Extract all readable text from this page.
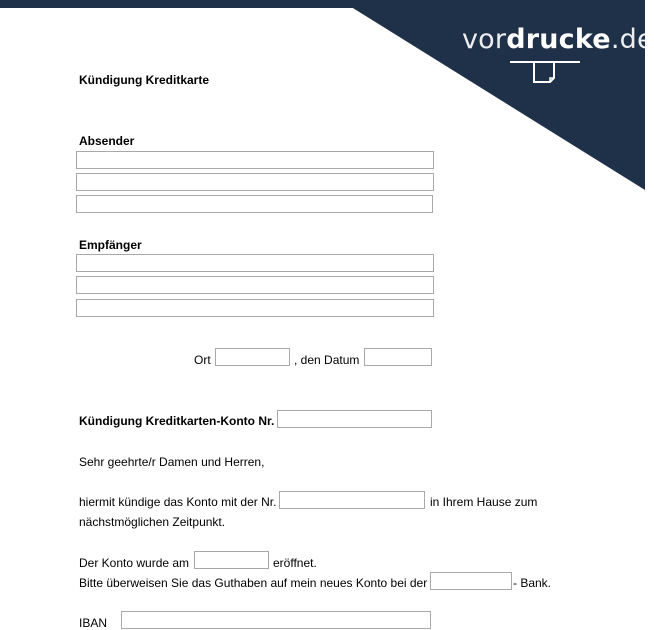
vordrucke.de
Kündigung Kreditkarte
Absender
Empfänger
Ort	, den Datum
Kündigung Kreditkarten-Konto Nr.
Sehr geehrte/r Damen und Herren,
hiermit kündige das Konto mit der Nr.	in Ihrem Hause zum
nächstmöglichen Zeitpunkt.
Der Konto wurde am	eröffnet.
Bitte überweisen Sie das Guthaben auf mein neues Konto bei der	- Bank.
IBAN
